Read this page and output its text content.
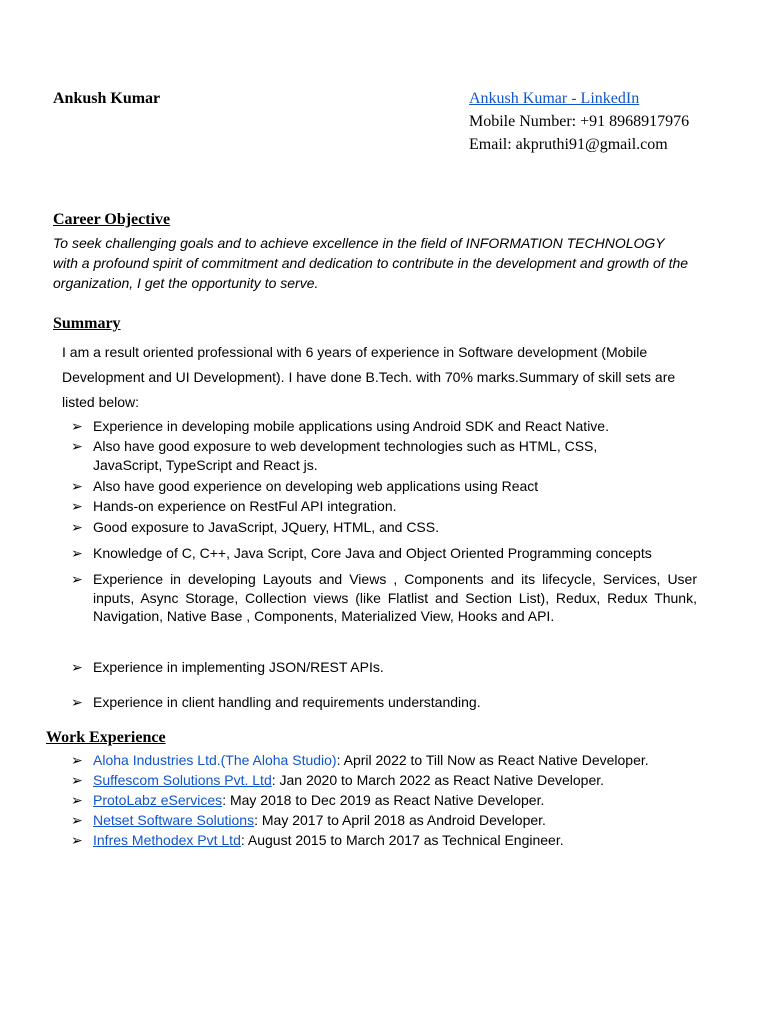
Ankush Kumar	Ankush Kumar - LinkedIn
Mobile Number: +91 8968917976
Email: akpruthi91@gmail.com
Career Objective
To seek challenging goals and to achieve excellence in the field of INFORMATION TECHNOLOGY with a profound spirit of commitment and dedication to contribute in the development and growth of the organization, I get the opportunity to serve.
Summary
I am a result oriented professional with 6 years of experience in Software development (Mobile Development and UI Development). I have done B.Tech. with 70% marks.Summary of skill sets are listed below:
➢ Experience in developing mobile applications using Android SDK and React Native.
➢ Also have good exposure to web development technologies such as HTML, CSS, JavaScript, TypeScript and React js.
➢ Also have good experience on developing web applications using React
➢ Hands-on experience on RestFul API integration.
➢ Good exposure to JavaScript, JQuery, HTML, and CSS.
➢ Knowledge of C, C++, Java Script, Core Java and Object Oriented Programming concepts
➢ Experience in developing Layouts and Views , Components and its lifecycle, Services, User inputs, Async Storage, Collection views (like Flatlist and Section List), Redux, Redux Thunk, Navigation, Native Base , Components, Materialized View, Hooks and API.
➢ Experience in implementing JSON/REST APIs.
➢ Experience in client handling and requirements understanding.
Work Experience
➢ Aloha Industries Ltd.(The Aloha Studio): April 2022 to Till Now as React Native Developer.
➢ Suffescom Solutions Pvt. Ltd: Jan 2020 to March 2022 as React Native Developer.
➢ ProtoLabz eServices: May 2018 to Dec 2019 as React Native Developer.
➢ Netset Software Solutions: May 2017 to April 2018 as Android Developer.
➢ Infres Methodex Pvt Ltd: August 2015 to March 2017 as Technical Engineer.
